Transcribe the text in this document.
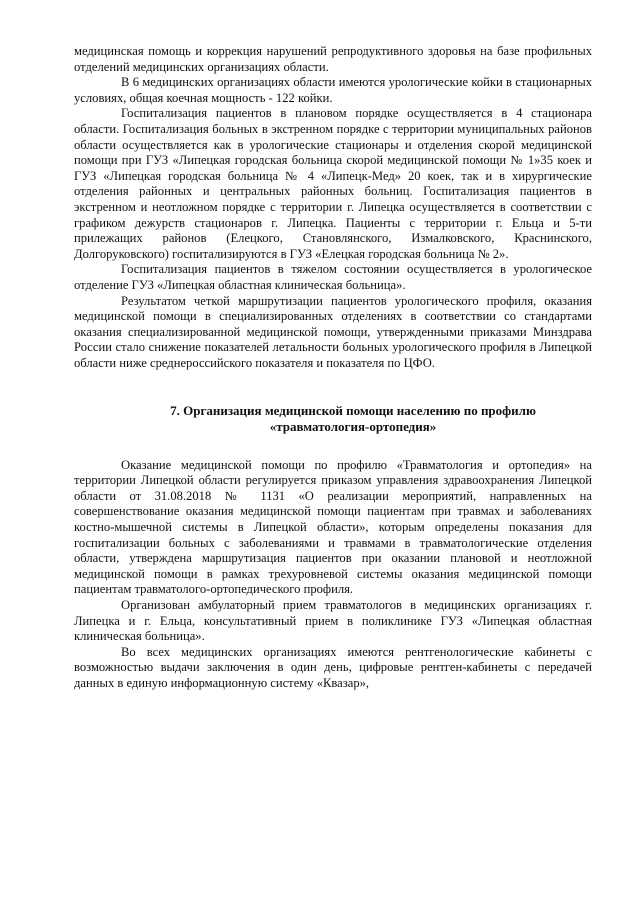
медицинская помощь и коррекция нарушений репродуктивного здоровья на базе профильных отделений медицинских организациях области.

В 6 медицинских организациях области имеются урологические койки в стационарных условиях, общая коечная мощность - 122 койки.

Госпитализация пациентов в плановом порядке осуществляется в 4 стационара области. Госпитализация больных в экстренном порядке с территории муниципальных районов области осуществляется как в урологические стационары и отделения скорой медицинской помощи при ГУЗ «Липецкая городская больница скорой медицинской помощи № 1»35 коек и ГУЗ «Липецкая городская больница № 4 «Липецк-Мед» 20 коек, так и в хирургические отделения районных и центральных районных больниц. Госпитализация пациентов в экстренном и неотложном порядке с территории г. Липецка осуществляется в соответствии с графиком дежурств стационаров г. Липецка. Пациенты с территории г. Ельца и 5-ти прилежащих районов (Елецкого, Становлянского, Измалковского, Краснинского, Долгоруковского) госпитализируются в ГУЗ «Елецкая городская больница № 2».

Госпитализация пациентов в тяжелом состоянии осуществляется в урологическое отделение ГУЗ «Липецкая областная клиническая больница».

Результатом четкой маршрутизации пациентов урологического профиля, оказания медицинской помощи в специализированных отделениях в соответствии со стандартами оказания специализированной медицинской помощи, утвержденными приказами Минздрава России стало снижение показателей летальности больных урологического профиля в Липецкой области ниже среднероссийского показателя и показателя по ЦФО.

7. Организация медицинской помощи населению по профилю
«травматология-ортопедия»

Оказание медицинской помощи по профилю «Травматология и ортопедия» на территории Липецкой области регулируется приказом управления здравоохранения Липецкой области от 31.08.2018 № 1131 «О реализации мероприятий, направленных на совершенствование оказания медицинской помощи пациентам при травмах и заболеваниях костно-мышечной системы в Липецкой области», которым определены показания для госпитализации больных с заболеваниями и травмами в травматологические отделения области, утверждена маршрутизация пациентов при оказании плановой и неотложной медицинской помощи в рамках трехуровневой системы оказания медицинской помощи пациентам травматолого-ортопедического профиля.

Организован амбулаторный прием травматологов в медицинских организациях г. Липецка и г. Ельца, консультативный прием в поликлинике ГУЗ «Липецкая областная клиническая больница».

Во всех медицинских организациях имеются рентгенологические кабинеты с возможностью выдачи заключения в один день, цифровые рентген-кабинеты с передачей данных в единую информационную систему «Квазар»,
